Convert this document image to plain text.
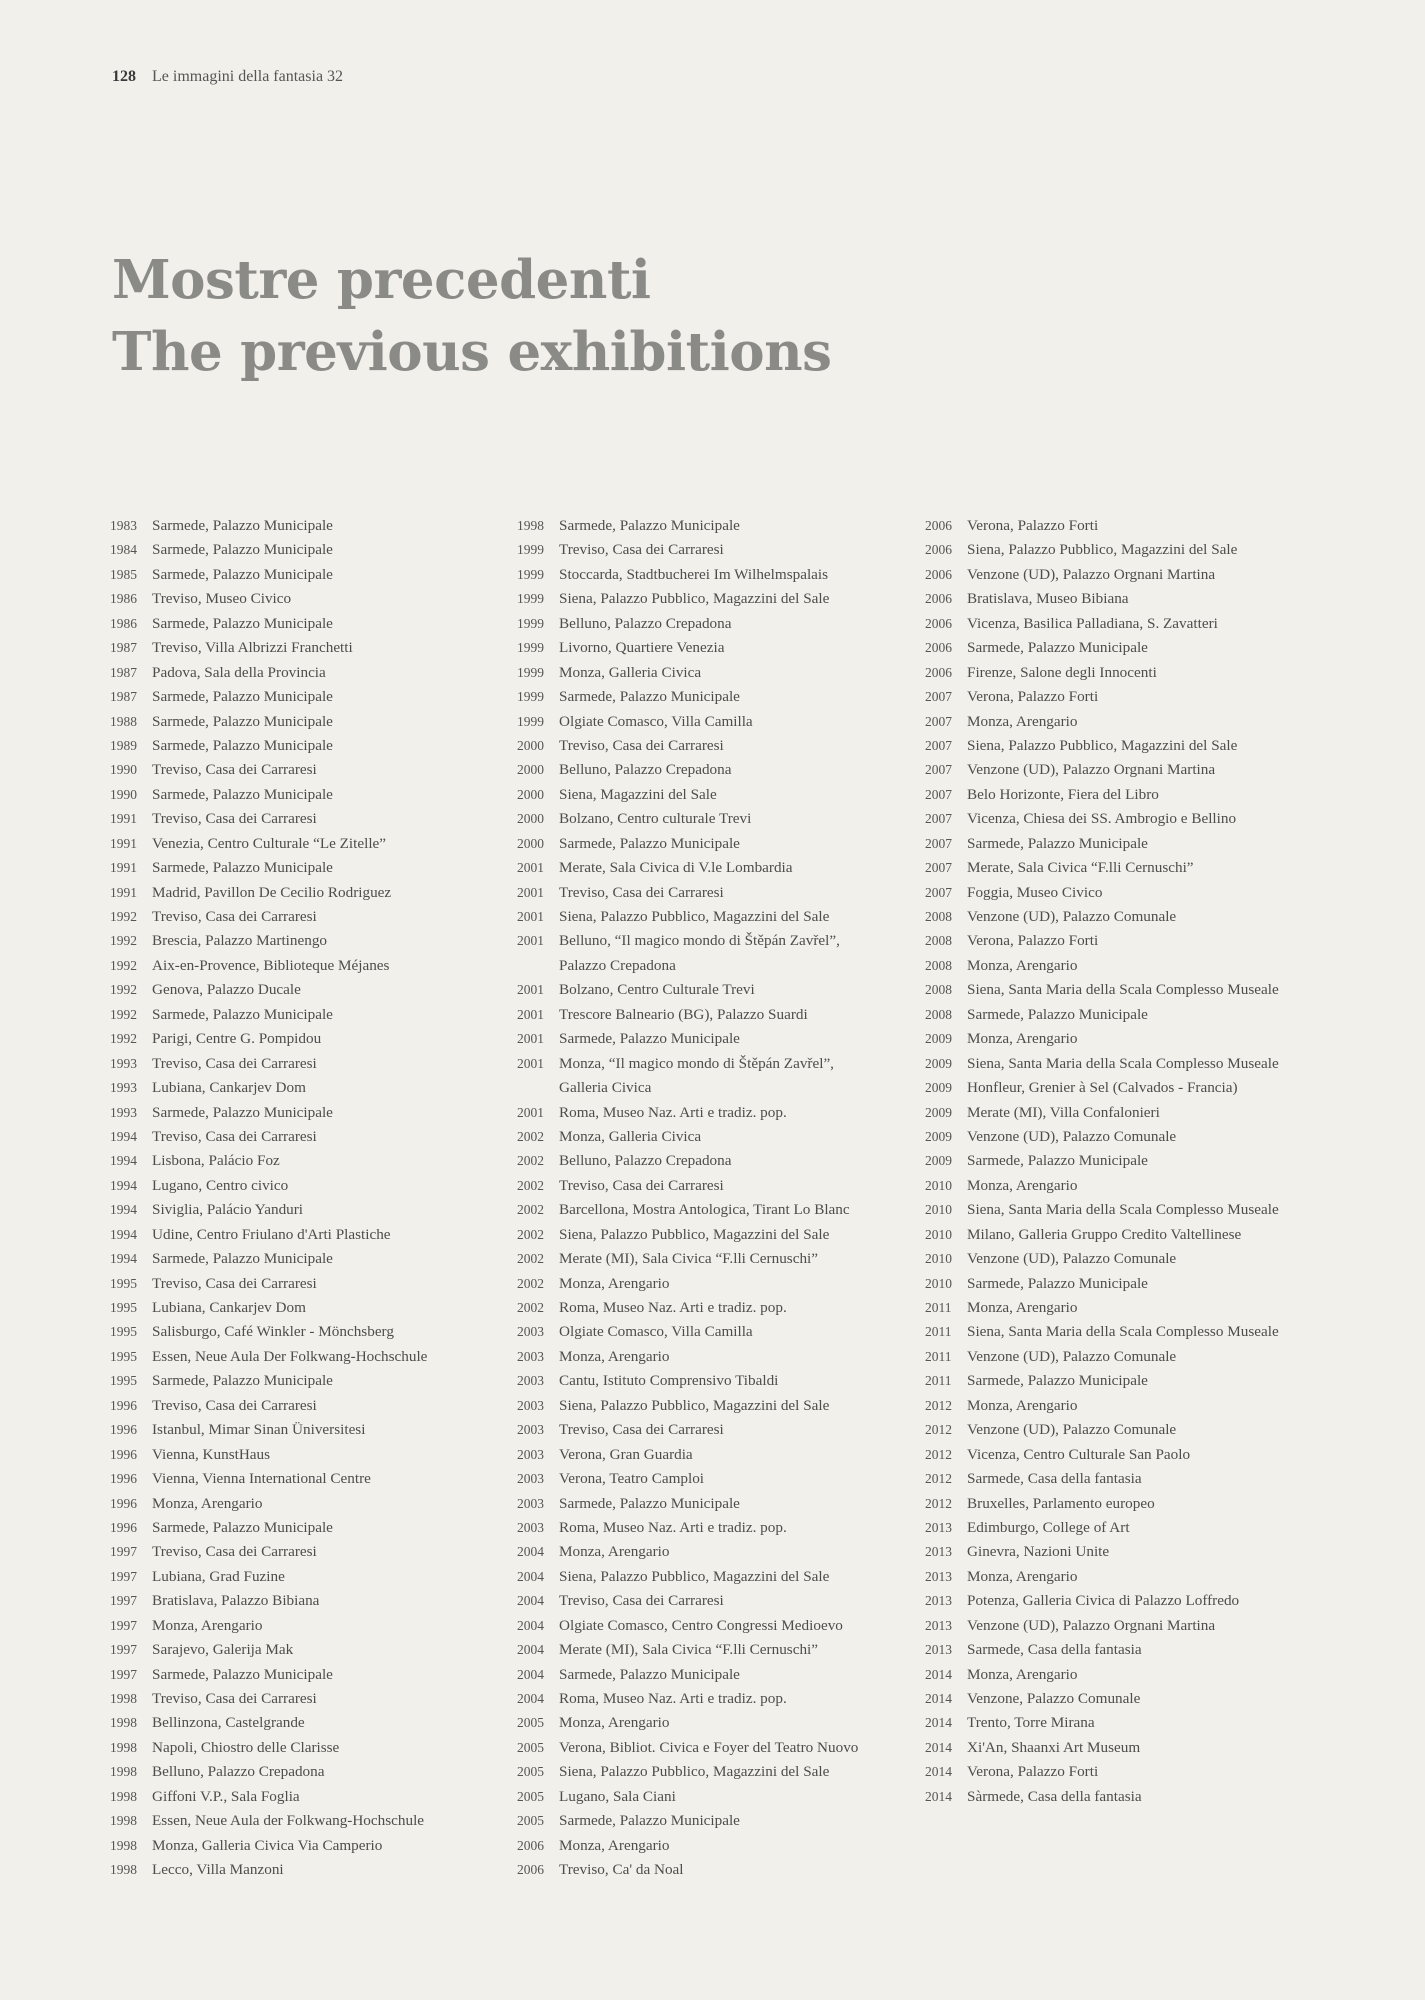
128 Le immagini della fantasia 32
Mostre precedenti
The previous exhibitions
1983 Sarmede, Palazzo Municipale
1984 Sarmede, Palazzo Municipale
1985 Sarmede, Palazzo Municipale
1986 Treviso, Museo Civico
1986 Sarmede, Palazzo Municipale
1987 Treviso, Villa Albrizzi Franchetti
1987 Padova, Sala della Provincia
1987 Sarmede, Palazzo Municipale
1988 Sarmede, Palazzo Municipale
1989 Sarmede, Palazzo Municipale
1990 Treviso, Casa dei Carraresi
1990 Sarmede, Palazzo Municipale
1991 Treviso, Casa dei Carraresi
1991 Venezia, Centro Culturale “Le Zitelle”
1991 Sarmede, Palazzo Municipale
1991 Madrid, Pavillon De Cecilio Rodriguez
1992 Treviso, Casa dei Carraresi
1992 Brescia, Palazzo Martinengo
1992 Aix-en-Provence, Biblioteque Méjanes
1992 Genova, Palazzo Ducale
1992 Sarmede, Palazzo Municipale
1992 Parigi, Centre G. Pompidou
1993 Treviso, Casa dei Carraresi
1993 Lubiana, Cankarjev Dom
1993 Sarmede, Palazzo Municipale
1994 Treviso, Casa dei Carraresi
1994 Lisbona, Palácio Foz
1994 Lugano, Centro civico
1994 Siviglia, Palácio Yanduri
1994 Udine, Centro Friulano d'Arti Plastiche
1994 Sarmede, Palazzo Municipale
1995 Treviso, Casa dei Carraresi
1995 Lubiana, Cankarjev Dom
1995 Salisburgo, Café Winkler - Mönchsberg
1995 Essen, Neue Aula Der Folkwang-Hochschule
1995 Sarmede, Palazzo Municipale
1996 Treviso, Casa dei Carraresi
1996 Istanbul, Mimar Sinan Üniversitesi
1996 Vienna, KunstHaus
1996 Vienna, Vienna International Centre
1996 Monza, Arengario
1996 Sarmede, Palazzo Municipale
1997 Treviso, Casa dei Carraresi
1997 Lubiana, Grad Fuzine
1997 Bratislava, Palazzo Bibiana
1997 Monza, Arengario
1997 Sarajevo, Galerija Mak
1997 Sarmede, Palazzo Municipale
1998 Treviso, Casa dei Carraresi
1998 Bellinzona, Castelgrande
1998 Napoli, Chiostro delle Clarisse
1998 Belluno, Palazzo Crepadona
1998 Giffoni V.P., Sala Foglia
1998 Essen, Neue Aula der Folkwang-Hochschule
1998 Monza, Galleria Civica Via Camperio
1998 Lecco, Villa Manzoni
1998 Sarmede, Palazzo Municipale
1999 Treviso, Casa dei Carraresi
1999 Stoccarda, Stadtbucherei Im Wilhelmspalais
1999 Siena, Palazzo Pubblico, Magazzini del Sale
1999 Belluno, Palazzo Crepadona
1999 Livorno, Quartiere Venezia
1999 Monza, Galleria Civica
1999 Sarmede, Palazzo Municipale
1999 Olgiate Comasco, Villa Camilla
2000 Treviso, Casa dei Carraresi
2000 Belluno, Palazzo Crepadona
2000 Siena, Magazzini del Sale
2000 Bolzano, Centro culturale Trevi
2000 Sarmede, Palazzo Municipale
2001 Merate, Sala Civica di V.le Lombardia
2001 Treviso, Casa dei Carraresi
2001 Siena, Palazzo Pubblico, Magazzini del Sale
2001 Belluno, “Il magico mondo di Štěpán Zavřel”,
Palazzo Crepadona
2001 Bolzano, Centro Culturale Trevi
2001 Trescore Balneario (BG), Palazzo Suardi
2001 Sarmede, Palazzo Municipale
2001 Monza, “Il magico mondo di Štěpán Zavřel”,
Galleria Civica
2001 Roma, Museo Naz. Arti e tradiz. pop.
2002 Monza, Galleria Civica
2002 Belluno, Palazzo Crepadona
2002 Treviso, Casa dei Carraresi
2002 Barcellona, Mostra Antologica, Tirant Lo Blanc
2002 Siena, Palazzo Pubblico, Magazzini del Sale
2002 Merate (MI), Sala Civica “F.lli Cernuschi”
2002 Monza, Arengario
2002 Roma, Museo Naz. Arti e tradiz. pop.
2003 Olgiate Comasco, Villa Camilla
2003 Monza, Arengario
2003 Cantu, Istituto Comprensivo Tibaldi
2003 Siena, Palazzo Pubblico, Magazzini del Sale
2003 Treviso, Casa dei Carraresi
2003 Verona, Gran Guardia
2003 Verona, Teatro Camploi
2003 Sarmede, Palazzo Municipale
2003 Roma, Museo Naz. Arti e tradiz. pop.
2004 Monza, Arengario
2004 Siena, Palazzo Pubblico, Magazzini del Sale
2004 Treviso, Casa dei Carraresi
2004 Olgiate Comasco, Centro Congressi Medioevo
2004 Merate (MI), Sala Civica “F.lli Cernuschi”
2004 Sarmede, Palazzo Municipale
2004 Roma, Museo Naz. Arti e tradiz. pop.
2005 Monza, Arengario
2005 Verona, Bibliot. Civica e Foyer del Teatro Nuovo
2005 Siena, Palazzo Pubblico, Magazzini del Sale
2005 Lugano, Sala Ciani
2005 Sarmede, Palazzo Municipale
2006 Monza, Arengario
2006 Treviso, Ca' da Noal
2006 Verona, Palazzo Forti
2006 Siena, Palazzo Pubblico, Magazzini del Sale
2006 Venzone (UD), Palazzo Orgnani Martina
2006 Bratislava, Museo Bibiana
2006 Vicenza, Basilica Palladiana, S. Zavatteri
2006 Sarmede, Palazzo Municipale
2006 Firenze, Salone degli Innocenti
2007 Verona, Palazzo Forti
2007 Monza, Arengario
2007 Siena, Palazzo Pubblico, Magazzini del Sale
2007 Venzone (UD), Palazzo Orgnani Martina
2007 Belo Horizonte, Fiera del Libro
2007 Vicenza, Chiesa dei SS. Ambrogio e Bellino
2007 Sarmede, Palazzo Municipale
2007 Merate, Sala Civica “F.lli Cernuschi”
2007 Foggia, Museo Civico
2008 Venzone (UD), Palazzo Comunale
2008 Verona, Palazzo Forti
2008 Monza, Arengario
2008 Siena, Santa Maria della Scala Complesso Museale
2008 Sarmede, Palazzo Municipale
2009 Monza, Arengario
2009 Siena, Santa Maria della Scala Complesso Museale
2009 Honfleur, Grenier à Sel (Calvados - Francia)
2009 Merate (MI), Villa Confalonieri
2009 Venzone (UD), Palazzo Comunale
2009 Sarmede, Palazzo Municipale
2010 Monza, Arengario
2010 Siena, Santa Maria della Scala Complesso Museale
2010 Milano, Galleria Gruppo Credito Valtellinese
2010 Venzone (UD), Palazzo Comunale
2010 Sarmede, Palazzo Municipale
2011	Monza, Arengario
2011	Siena, Santa Maria della Scala Complesso Museale
2011	Venzone (UD), Palazzo Comunale
2011	Sarmede, Palazzo Municipale
2012 Monza, Arengario
2012 Venzone (UD), Palazzo Comunale
2012 Vicenza, Centro Culturale San Paolo
2012 Sarmede, Casa della fantasia
2012 Bruxelles, Parlamento europeo
2013 Edimburgo, College of Art
2013 Ginevra, Nazioni Unite
2013 Monza, Arengario
2013 Potenza, Galleria Civica di Palazzo Loffredo
2013 Venzone (UD), Palazzo Orgnani Martina
2013 Sarmede, Casa della fantasia
2014 Monza, Arengario
2014 Venzone, Palazzo Comunale
2014 Trento, Torre Mirana
2014 Xi'An, Shaanxi Art Museum
2014 Verona, Palazzo Forti
2014 Sàrmede, Casa della fantasia
